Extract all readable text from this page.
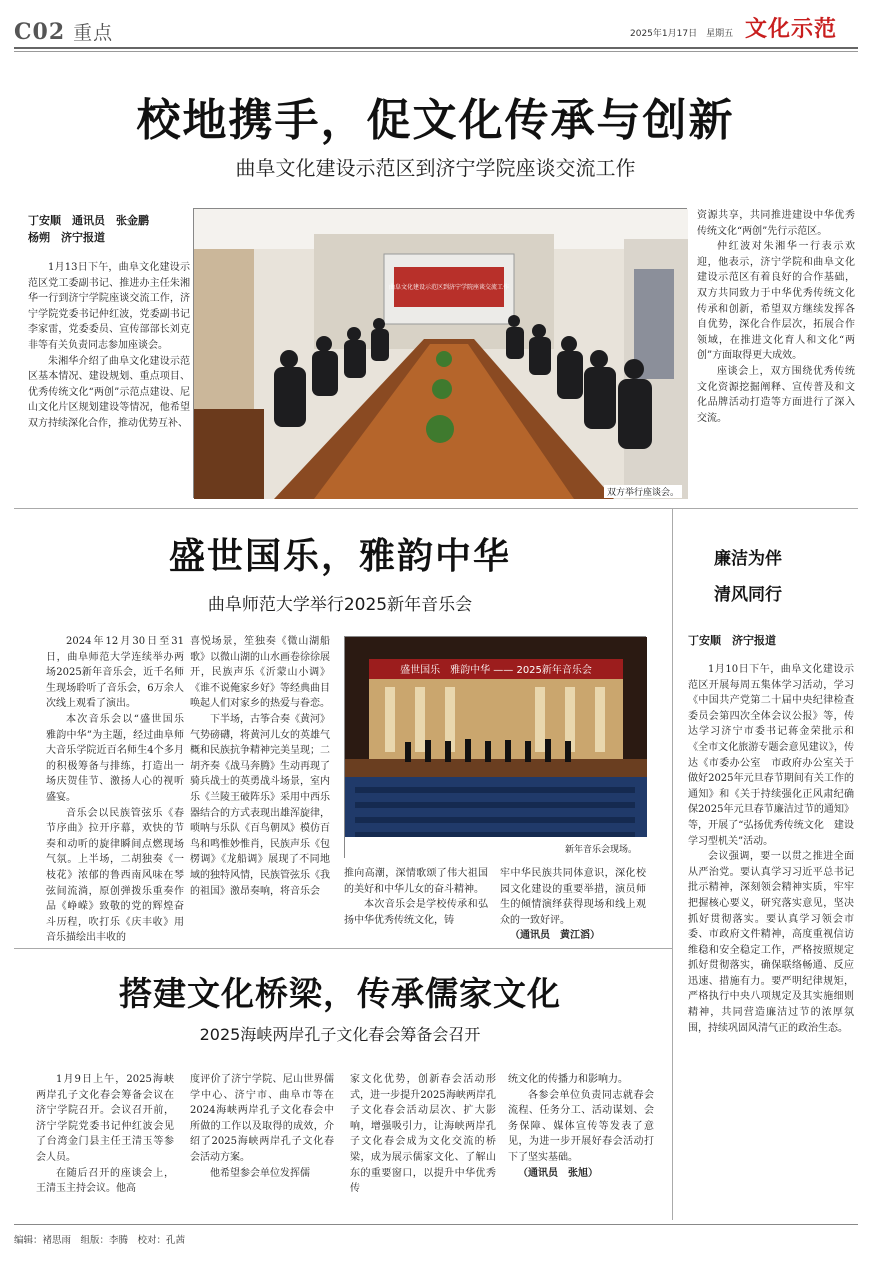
C02 重点	2025年1月17日　星期五 文化示范
校地携手，促文化传承与创新
曲阜文化建设示范区到济宁学院座谈交流工作
丁安顺　通讯员　张金鹏
杨朔　济宁报道

1月13日下午，曲阜文化建设示范区党工委副书记、推进办主任朱湘华一行到济宁学院座谈交流工作，济宁学院党委书记仲红波，党委副书记李家雷，党委委员、宣传部部长刘克非等有关负责同志参加座谈会。

朱湘华介绍了曲阜文化建设示范区基本情况、建设规划、重点项目、优秀传统文化“两创”示范点建设、尼山文化片区规划建设等情况，他希望双方持续深化合作，推动优势互补、

曲阜文化建设示范区到济宁学院座谈交流工作
双方举行座谈会。

资源共享，共同推进建设中华优秀传统文化“两创”先行示范区。

仲红波对朱湘华一行表示欢迎，他表示，济宁学院和曲阜文化建设示范区有着良好的合作基础，双方共同致力于中华优秀传统文化传承和创新，希望双方继续发挥各自优势，深化合作层次，拓展合作领域，在推进文化育人和文化“两创”方面取得更大成效。

座谈会上，双方围绕优秀传统文化资源挖掘阐释、宣传普及和文化品牌活动打造等方面进行了深入交流。

盛世国乐，雅韵中华
曲阜师范大学举行2025新年音乐会

2024年12月30日至31日，曲阜师范大学连续举办两场2025新年音乐会，近千名师生现场聆听了音乐会，6万余人次线上观看了演出。

本次音乐会以“盛世国乐　雅韵中华”为主题，经过曲阜师大音乐学院近百名师生4个多月的积极筹备与排练，打造出一场庆贺佳节、激扬人心的视听盛宴。

音乐会以民族管弦乐《春节序曲》拉开序幕，欢快的节奏和动听的旋律瞬间点燃现场气氛。上半场，二胡独奏《一枝花》浓郁的鲁西南风味在琴弦间流淌，原创弹拨乐重奏作品《峥嵘》致敬的党的辉煌奋斗历程，吹打乐《庆丰收》用音乐描绘出丰收的

喜悦场景，笙独奏《微山湖船歌》以微山湖的山水画卷徐徐展开，民族声乐《沂蒙山小调》《谁不说俺家乡好》等经典曲目唤起人们对家乡的热爱与眷恋。

下半场，古筝合奏《黄河》气势磅礴，将黄河儿女的英雄气概和民族抗争精神完美呈现；二胡齐奏《战马奔腾》生动再现了骑兵战士的英勇战斗场景，室内乐《兰陵王破阵乐》采用中西乐器结合的方式表现出雄浑旋律，唢呐与乐队《百鸟朝凤》模仿百鸟和鸣惟妙惟肖，民族声乐《包楞调》《龙船调》展现了不同地域的独特风情，民族管弦乐《我的祖国》激昂奏响，将音乐会

盛世国乐　雅韵中华 —— 2025新年音乐会
新年音乐会现场。

推向高潮，深情歌颂了伟大祖国的美好和中华儿女的奋斗精神。

本次音乐会是学校传承和弘扬中华优秀传统文化，铸

牢中华民族共同体意识，深化校园文化建设的重要举措，演员师生的倾情演绎获得现场和线上观众的一致好评。

（通讯员　黄江滔）

廉洁为伴
清风同行
丁安顺　济宁报道

1月10日下午，曲阜文化建设示范区开展每周五集体学习活动，学习《中国共产党第二十届中央纪律检查委员会第四次全体会议公报》等，传达学习济宁市委书记蒋金荣批示和《全市文化旅游专题会意见建议》，传达《市委办公室　市政府办公室关于做好2025年元旦春节期间有关工作的通知》和《关于持续强化正风肃纪确保2025年元旦春节廉洁过节的通知》等，开展了“弘扬优秀传统文化　建设学习型机关”活动。

会议强调，要一以贯之推进全面从严治党。要认真学习习近平总书记批示精神，深刻领会精神实质，牢牢把握核心要义，研究落实意见，坚决抓好贯彻落实。要认真学习领会市委、市政府文件精神，高度重视信访维稳和安全稳定工作，严格按照规定抓好贯彻落实，确保联络畅通、反应迅速、措施有力。要严明纪律规矩，严格执行中央八项规定及其实施细则精神，共同营造廉洁过节的浓厚氛围，持续巩固风清气正的政治生态。

搭建文化桥梁，传承儒家文化
2025海峡两岸孔子文化春会筹备会召开

1月9日上午，2025海峡两岸孔子文化春会筹备会议在济宁学院召开。会议召开前，济宁学院党委书记仲红波会见了台湾金门县主任王清玉等参会人员。

在随后召开的座谈会上，王清玉主持会议。他高

度评价了济宁学院、尼山世界儒学中心、济宁市、曲阜市等在2024海峡两岸孔子文化春会中所做的工作以及取得的成效，介绍了2025海峡两岸孔子文化春会活动方案。

他希望参会单位发挥儒

家文化优势，创新春会活动形式，进一步提升2025海峡两岸孔子文化春会活动层次、扩大影响，增强吸引力，让海峡两岸孔子文化春会成为文化交流的桥梁，成为展示儒家文化、了解山东的重要窗口，以提升中华优秀传

统文化的传播力和影响力。

各参会单位负责同志就春会流程、任务分工、活动谋划、会务保障、媒体宣传等发表了意见，为进一步开展好春会活动打下了坚实基础。

（通讯员　张旭）

编辑：褚思雨　组版：李腾　校对：孔茜
